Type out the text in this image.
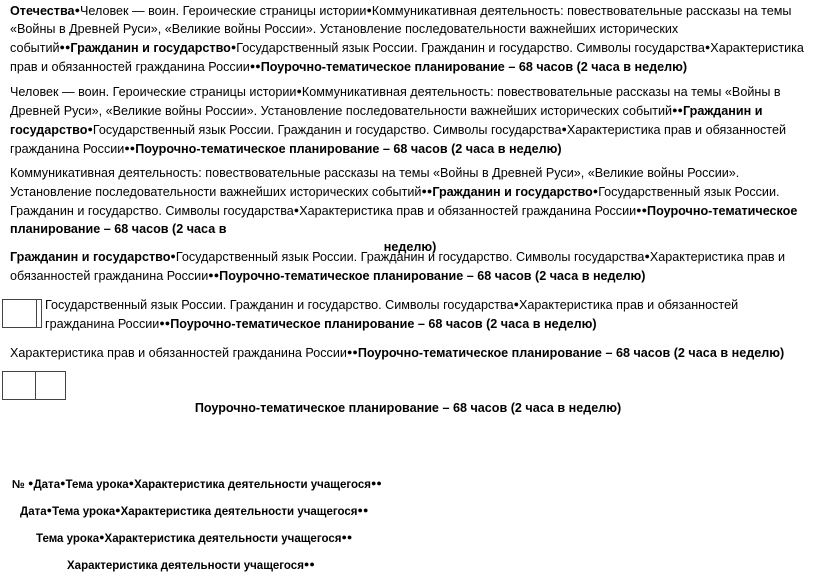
Отечества●Человек — воин. Героические страницы истории●Коммуникативная деятельность: повествовательные рассказы на темы «Войны в Древней Руси», «Великие войны России». Установление последовательности важнейших исторических событий●●Гражданин и государство●Государственный язык России. Гражданин и государство. Символы государства●Характеристика прав и обязанностей гражданина России●●Поурочно-тематическое планирование – 68 часов (2 часа в неделю)

Человек — воин. Героические страницы истории●Коммуникативная деятельность: повествовательные рассказы на темы «Войны в Древней Руси», «Великие войны России». Установление последовательности важнейших исторических событий●●Гражданин и государство●Государственный язык России. Гражданин и государство. Символы государства●Характеристика прав и обязанностей гражданина России●●Поурочно-тематическое планирование – 68 часов (2 часа в неделю)

Коммуникативная деятельность: повествовательные рассказы на темы «Войны в Древней Руси», «Великие войны России». Установление последовательности важнейших исторических событий●●Гражданин и государство●Государственный язык России. Гражданин и государство. Символы государства●Характеристика прав и обязанностей гражданина России●●Поурочно-тематическое планирование – 68 часов (2 часа в
неделю)

Гражданин и государство●Государственный язык России. Гражданин и государство. Символы государства●Характеристика прав и обязанностей гражданина России●●Поурочно-тематическое планирование – 68 часов (2 часа в неделю)

Государственный язык России. Гражданин и государство. Символы государства●Характеристика прав и обязанностей гражданина России●●Поурочно-тематическое планирование – 68 часов (2 часа в неделю)

Характеристика прав и обязанностей гражданина России●●Поурочно-тематическое планирование – 68 часов (2 часа в неделю)

Поурочно-тематическое планирование – 68 часов (2 часа в неделю)

№ ●Дата●Тема урока●Характеристика деятельности учащегося●●
Дата●Тема урока●Характеристика деятельности учащегося●●
Тема урока●Характеристика деятельности учащегося●●
Характеристика деятельности учащегося●●
